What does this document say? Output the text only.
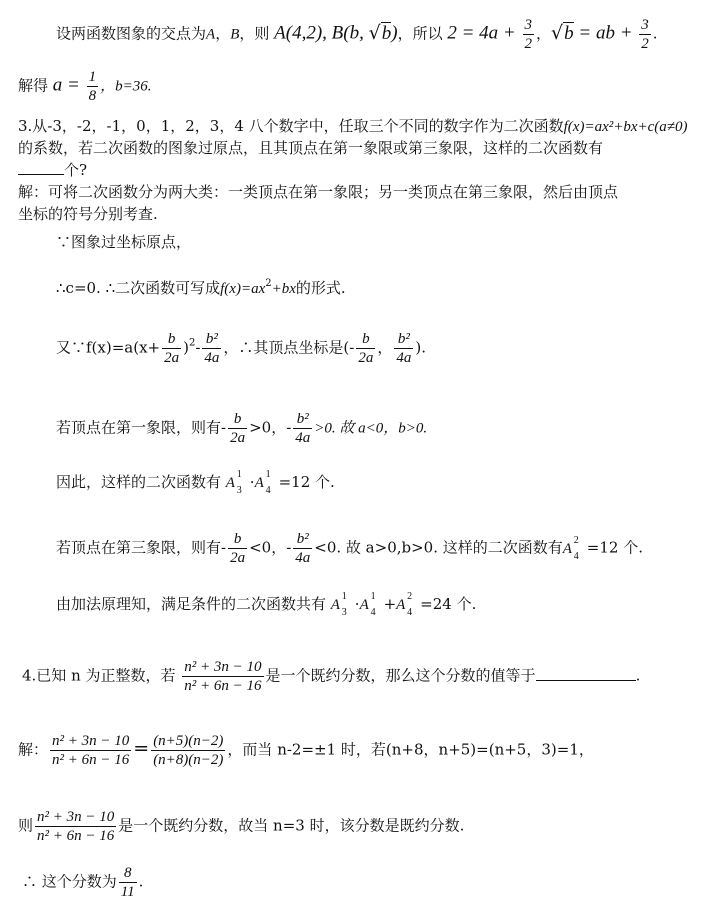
设两函数图象的交点为A，B，则 A(4,2), B(b, √b)，所以 $2 = 4a + \frac{3}{2}$ ，√b = ab + $\frac{3}{2}$ .
解得 $a = \frac{1}{8}$ ，b=36.
3.从-3，-2，-1，0，1，2，3，4 八个数字中，任取三个不同的数字作为二次函数f(x)=ax²+bx+c(a≠0)
的系数，若二次函数的图象过原点，且其顶点在第一象限或第三象限，这样的二次函数有
个?
解：可将二次函数分为两大类：一类顶点在第一象限；另一类顶点在第三象限，然后由顶点
坐标的符号分别考查.
∵图象过坐标原点，
∴c=0. ∴二次函数可写成$f(x)=ax^2+bx$的形式.
又∵f(x)=a(x+ $\frac{b}{2a} )^2- \frac{\text{b²}}{4a}$ ，∴其顶点坐标是(- $\frac{b}{2a}$ ， $\frac{\text{b²}}{4a}$ ).
若顶点在第一象限，则有- $\frac{b}{2a} >0$，- $\frac{\text{b²}}{4a} >0$. 故 a<0，b>0.
因此，这样的二次函数有 A
1
3 ·A
1
4 =12 个.
若顶点在第三象限，则有- $\frac{b}{2a} <0$，- $\frac{\text{b²}}{4a} <0$. 故 a>0,b>0. 这样的二次函数有A
2
4 =12 个.
由加法原理知，满足条件的二次函数共有 A
1
3 ·A
1
4 +A
2
4 =24 个.
4.已知 n 为正整数，若 $\frac{\text{n² + 3n − 10}}{\text{n² + 6n − 16}}$ 是一个既约分数，那么这个分数的值等于	.
解： $\frac{\text{n² + 3n − 10}}{\text{n² + 6n − 16}} = \frac{(n+5)(n-2)}{(n+8)(n-2)}$ ，而当 n-2=±1 时，若(n+8，n+5)=(n+5，3)=1，
则 $\frac{\text{n² + 3n − 10}}{\text{n² + 6n − 16}}$ 是一个既约分数，故当 n=3 时，该分数是既约分数.
∴ 这个分数为 $\frac{8}{11}$ .
